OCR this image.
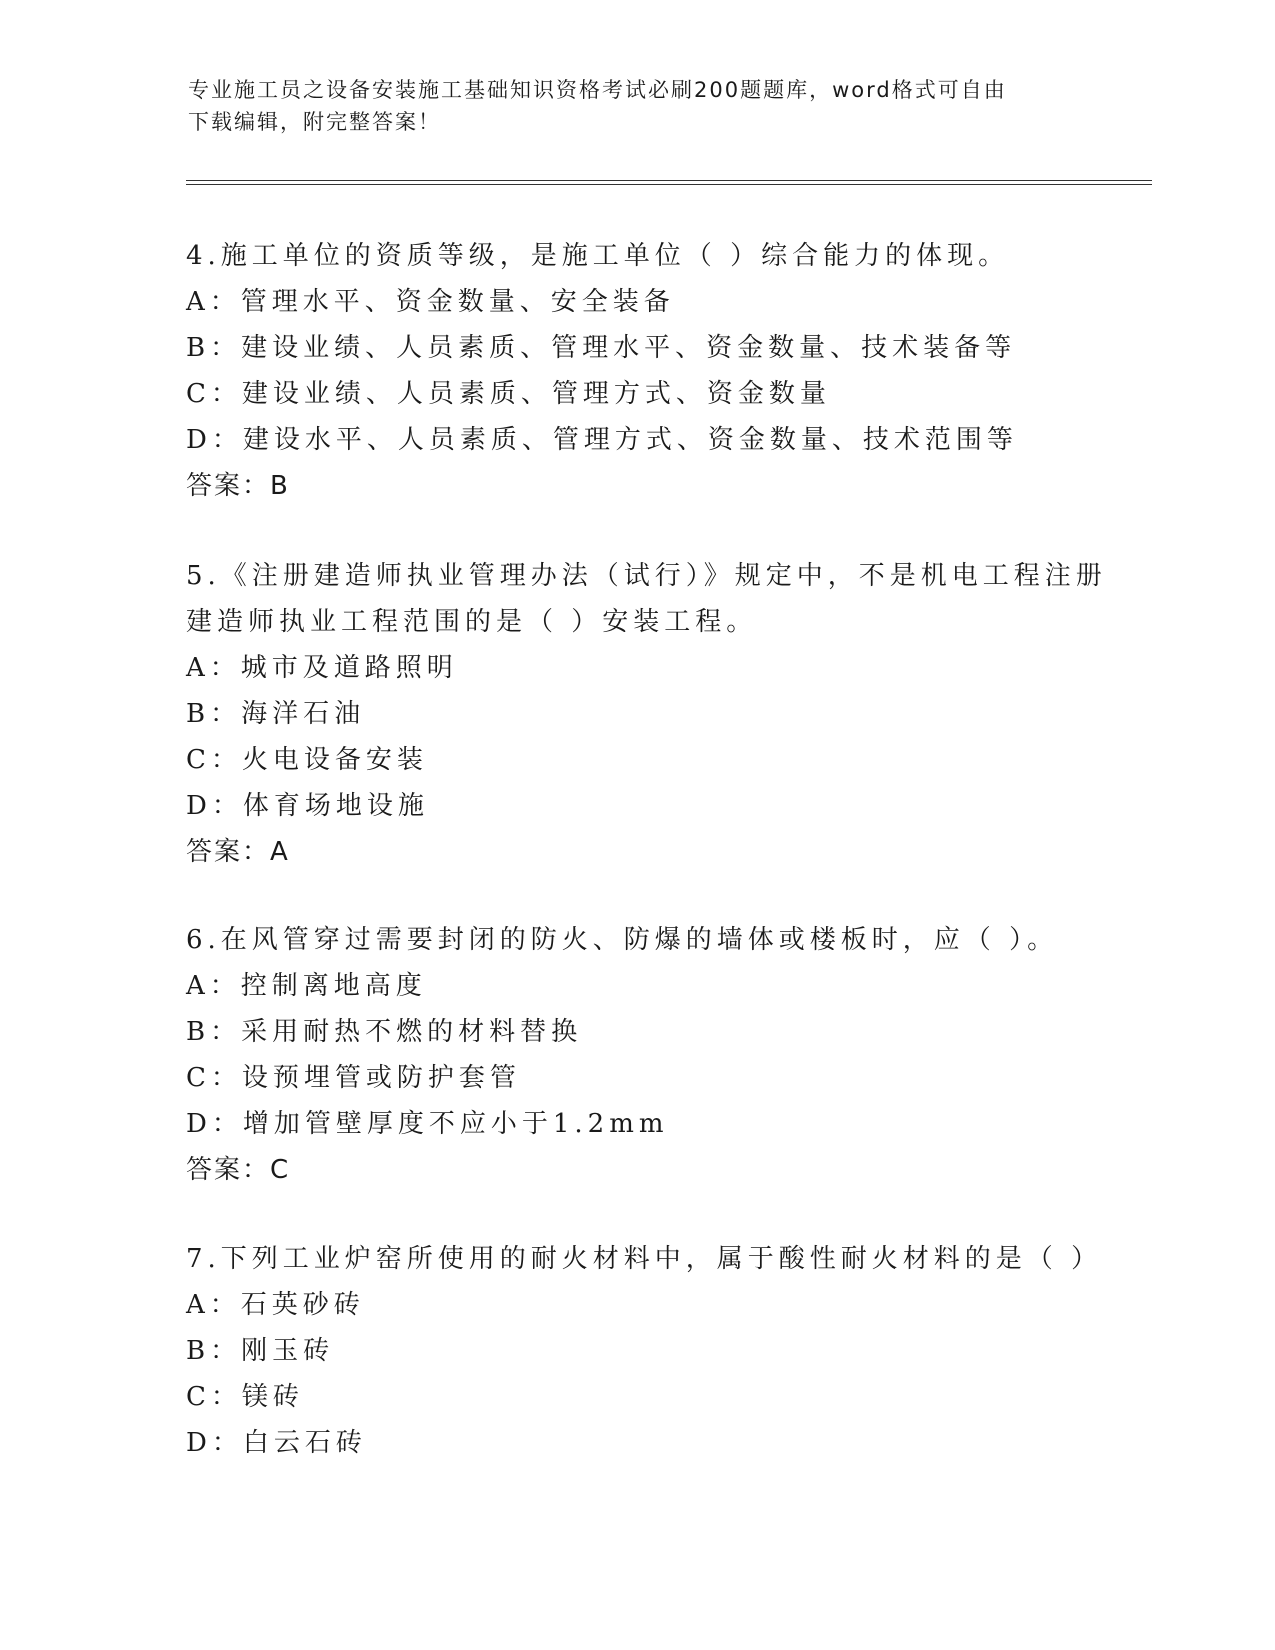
专业施工员之设备安装施工基础知识资格考试必刷200题题库，word格式可自由
下载编辑，附完整答案！
4.施工单位的资质等级，是施工单位（ ）综合能力的体现。
A：管理水平、资金数量、安全装备
B：建设业绩、人员素质、管理水平、资金数量、技术装备等
C：建设业绩、人员素质、管理方式、资金数量
D：建设水平、人员素质、管理方式、资金数量、技术范围等
答案：B
5.《注册建造师执业管理办法（试行）》规定中，不是机电工程注册
建造师执业工程范围的是（ ）安装工程。
A：城市及道路照明
B：海洋石油
C：火电设备安装
D：体育场地设施
答案：A
6.在风管穿过需要封闭的防火、防爆的墙体或楼板时，应（ ）。
A：控制离地高度
B：采用耐热不燃的材料替换
C：设预埋管或防护套管
D：增加管壁厚度不应小于1.2mm
答案：C
7.下列工业炉窑所使用的耐火材料中，属于酸性耐火材料的是（ ）
A：石英砂砖
B：刚玉砖
C：镁砖
D：白云石砖
